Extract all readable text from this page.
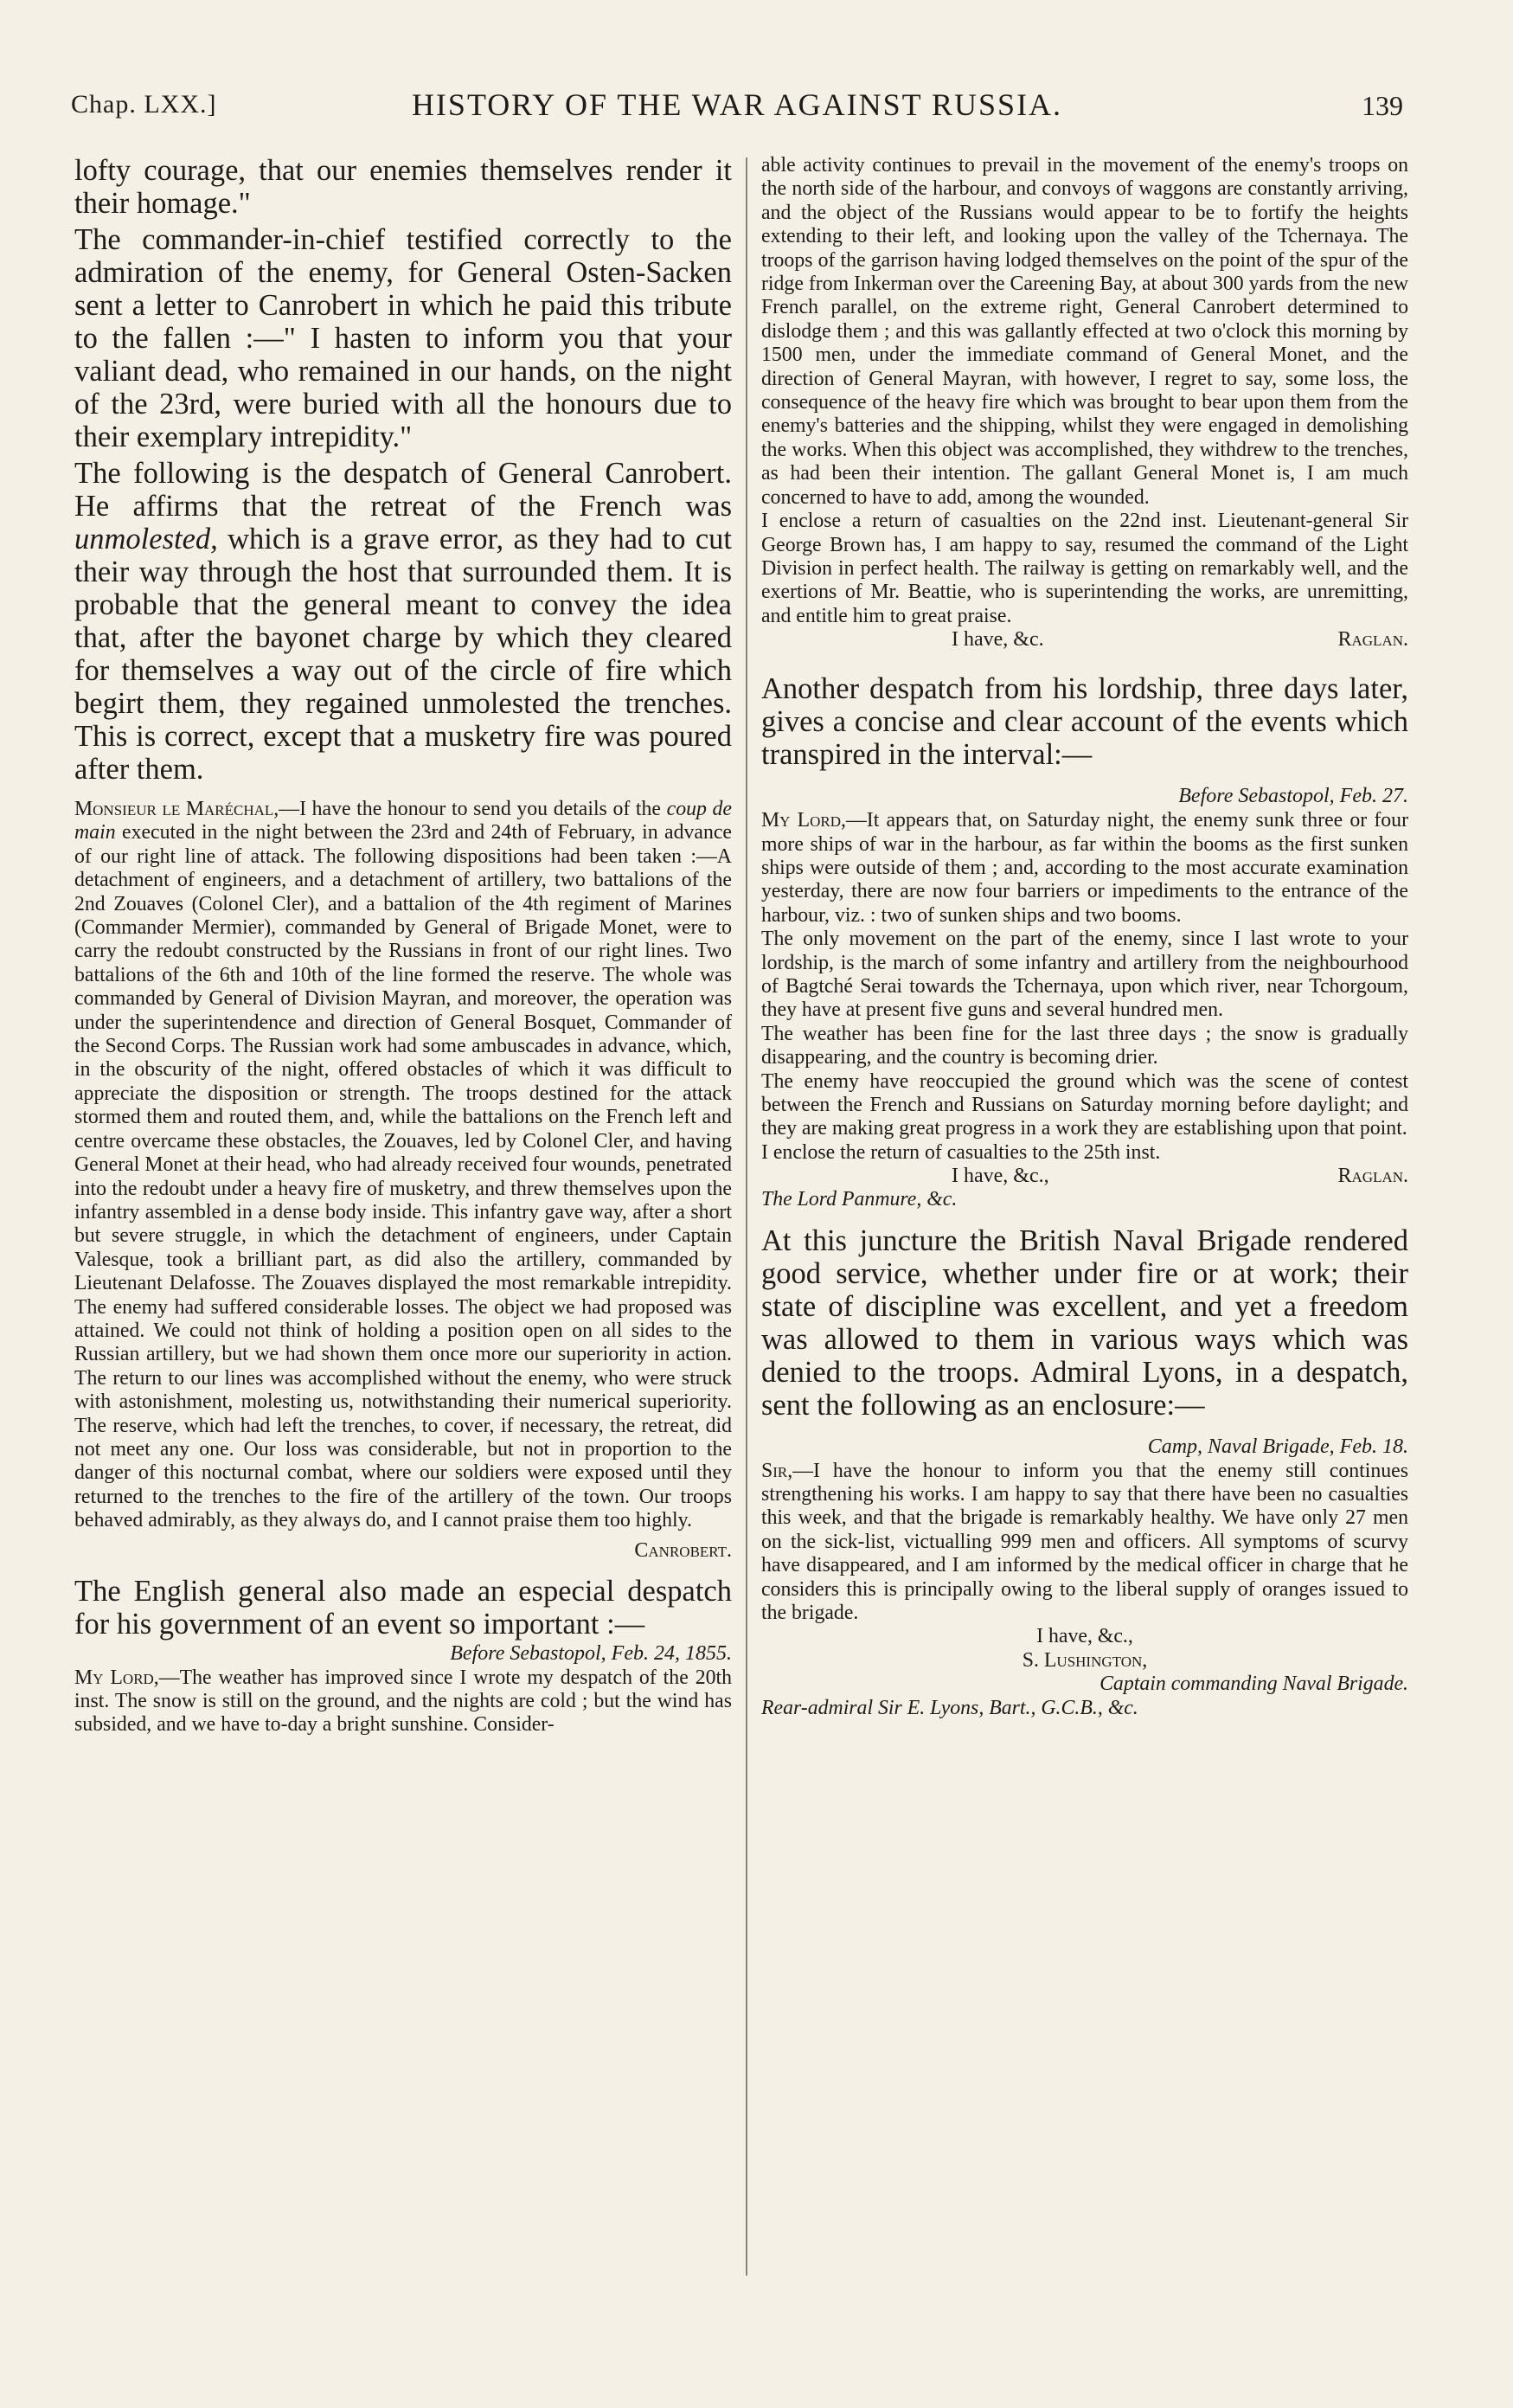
Chap. LXX.]	HISTORY OF THE WAR AGAINST RUSSIA.	139

lofty courage, that our enemies themselves render it their homage."

The commander-in-chief testified correctly to the admiration of the enemy, for General Osten-Sacken sent a letter to Canrobert in which he paid this tribute to the fallen :—" I hasten to inform you that your valiant dead, who remained in our hands, on the night of the 23rd, were buried with all the honours due to their exemplary intrepidity."

The following is the despatch of General Canrobert. He affirms that the retreat of the French was unmolested, which is a grave error, as they had to cut their way through the host that surrounded them. It is probable that the general meant to convey the idea that, after the bayonet charge by which they cleared for themselves a way out of the circle of fire which begirt them, they regained unmolested the trenches. This is correct, except that a musketry fire was poured after them.

Monsieur le Maréchal,—I have the honour to send you details of the coup de main executed in the night between the 23rd and 24th of February, in advance of our right line of attack. The following dispositions had been taken :—A detachment of engineers, and a detachment of artillery, two battalions of the 2nd Zouaves (Colonel Cler), and a battalion of the 4th regiment of Marines (Commander Mermier), commanded by General of Brigade Monet, were to carry the redoubt constructed by the Russians in front of our right lines. Two battalions of the 6th and 10th of the line formed the reserve. The whole was commanded by General of Division Mayran, and moreover, the operation was under the superintendence and direction of General Bosquet, Commander of the Second Corps. The Russian work had some ambuscades in advance, which, in the obscurity of the night, offered obstacles of which it was difficult to appreciate the disposition or strength. The troops destined for the attack stormed them and routed them, and, while the battalions on the French left and centre overcame these obstacles, the Zouaves, led by Colonel Cler, and having General Monet at their head, who had already received four wounds, penetrated into the redoubt under a heavy fire of musketry, and threw themselves upon the infantry assembled in a dense body inside. This infantry gave way, after a short but severe struggle, in which the detachment of engineers, under Captain Valesque, took a brilliant part, as did also the artillery, commanded by Lieutenant Delafosse. The Zouaves displayed the most remarkable intrepidity. The enemy had suffered considerable losses. The object we had proposed was attained. We could not think of holding a position open on all sides to the Russian artillery, but we had shown them once more our superiority in action. The return to our lines was accomplished without the enemy, who were struck with astonishment, molesting us, notwithstanding their numerical superiority. The reserve, which had left the trenches, to cover, if necessary, the retreat, did not meet any one. Our loss was considerable, but not in proportion to the danger of this nocturnal combat, where our soldiers were exposed until they returned to the trenches to the fire of the artillery of the town. Our troops behaved admirably, as they always do, and I cannot praise them too highly.

Canrobert.

The English general also made an especial despatch for his government of an event so important :—

Before Sebastopol, Feb. 24, 1855.

My Lord,—The weather has improved since I wrote my despatch of the 20th inst. The snow is still on the ground, and the nights are cold ; but the wind has subsided, and we have to-day a bright sunshine. Consider-

able activity continues to prevail in the movement of the enemy's troops on the north side of the harbour, and convoys of waggons are constantly arriving, and the object of the Russians would appear to be to fortify the heights extending to their left, and looking upon the valley of the Tchernaya. The troops of the garrison having lodged themselves on the point of the spur of the ridge from Inkerman over the Careening Bay, at about 300 yards from the new French parallel, on the extreme right, General Canrobert determined to dislodge them ; and this was gallantly effected at two o'clock this morning by 1500 men, under the immediate command of General Monet, and the direction of General Mayran, with however, I regret to say, some loss, the consequence of the heavy fire which was brought to bear upon them from the enemy's batteries and the shipping, whilst they were engaged in demolishing the works. When this object was accomplished, they withdrew to the trenches, as had been their intention. The gallant General Monet is, I am much concerned to have to add, among the wounded.

I enclose a return of casualties on the 22nd inst. Lieutenant-general Sir George Brown has, I am happy to say, resumed the command of the Light Division in perfect health. The railway is getting on remarkably well, and the exertions of Mr. Beattie, who is superintending the works, are unremitting, and entitle him to great praise.

I have, &c.	Raglan.

Another despatch from his lordship, three days later, gives a concise and clear account of the events which transpired in the interval:—

Before Sebastopol, Feb. 27.

My Lord,—It appears that, on Saturday night, the enemy sunk three or four more ships of war in the harbour, as far within the booms as the first sunken ships were outside of them ; and, according to the most accurate examination yesterday, there are now four barriers or impediments to the entrance of the harbour, viz. : two of sunken ships and two booms.

The only movement on the part of the enemy, since I last wrote to your lordship, is the march of some infantry and artillery from the neighbourhood of Bagtché Serai towards the Tchernaya, upon which river, near Tchorgoum, they have at present five guns and several hundred men.

The weather has been fine for the last three days ; the snow is gradually disappearing, and the country is becoming drier.

The enemy have reoccupied the ground which was the scene of contest between the French and Russians on Saturday morning before daylight; and they are making great progress in a work they are establishing upon that point.

I enclose the return of casualties to the 25th inst.

I have, &c.,	Raglan.

The Lord Panmure, &c.

At this juncture the British Naval Brigade rendered good service, whether under fire or at work; their state of discipline was excellent, and yet a freedom was allowed to them in various ways which was denied to the troops. Admiral Lyons, in a despatch, sent the following as an enclosure:—

Camp, Naval Brigade, Feb. 18.

Sir,—I have the honour to inform you that the enemy still continues strengthening his works. I am happy to say that there have been no casualties this week, and that the brigade is remarkably healthy. We have only 27 men on the sick-list, victualling 999 men and officers. All symptoms of scurvy have disappeared, and I am informed by the medical officer in charge that he considers this is principally owing to the liberal supply of oranges issued to the brigade.

I have, &c.,

S. Lushington,

Captain commanding Naval Brigade.

Rear-admiral Sir E. Lyons, Bart., G.C.B., &c.
